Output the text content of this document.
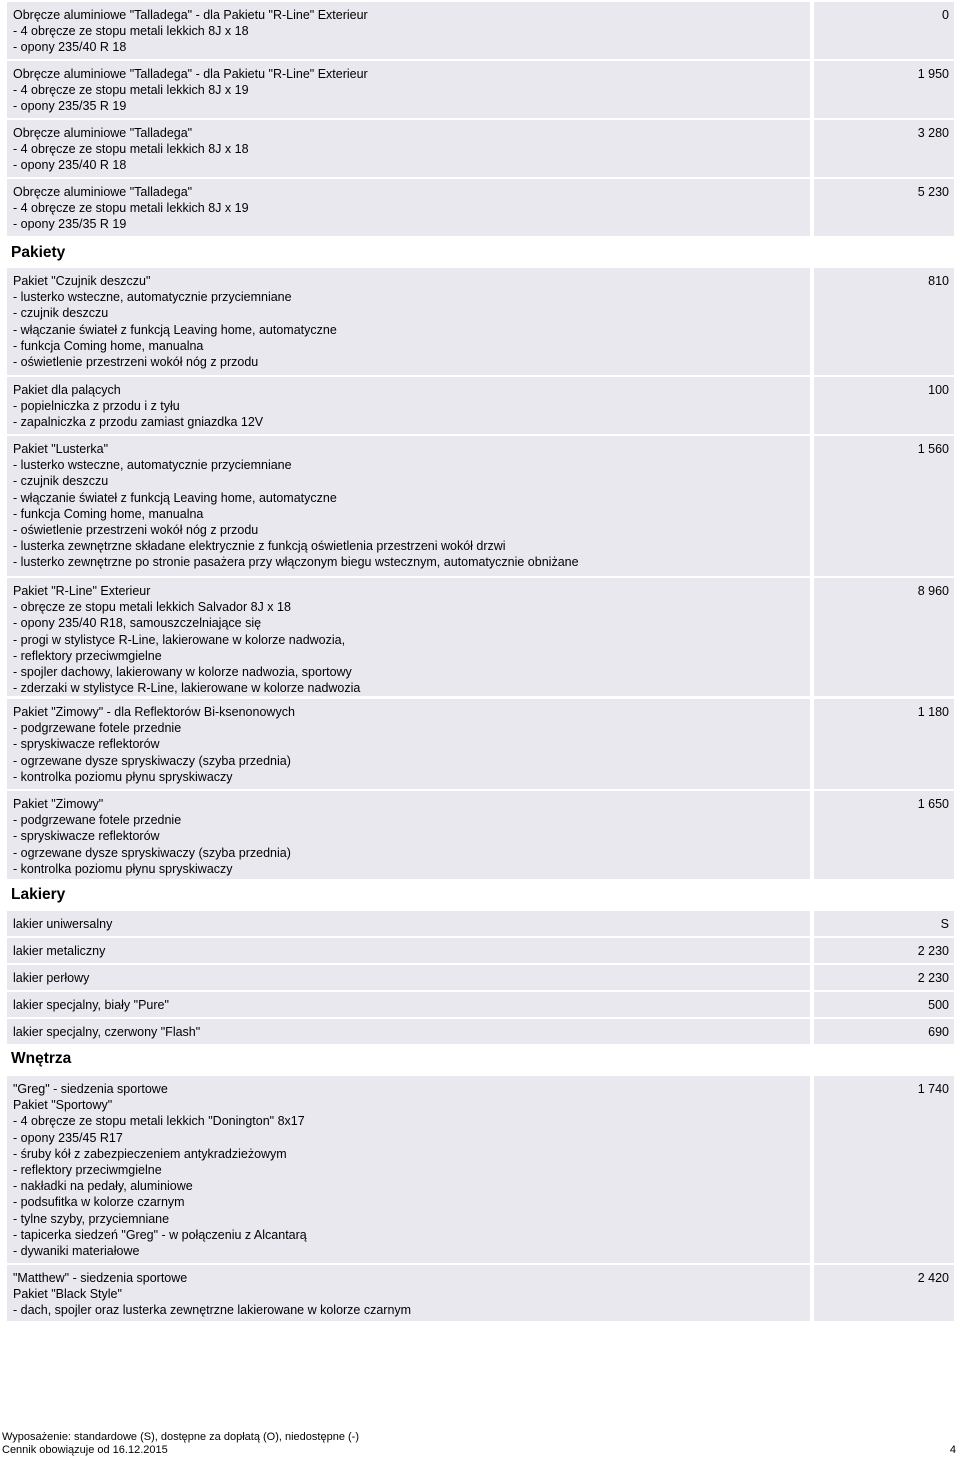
Obręcze aluminiowe "Talladega" - dla Pakietu "R-Line" Exterieur
- 4 obręcze ze stopu metali lekkich 8J x 18
- opony 235/40 R 18
0
Obręcze aluminiowe "Talladega" - dla Pakietu "R-Line" Exterieur
- 4 obręcze ze stopu metali lekkich 8J x 19
- opony 235/35 R 19
1 950
Obręcze aluminiowe "Talladega"
- 4 obręcze ze stopu metali lekkich 8J x 18
- opony 235/40 R 18
3 280
Obręcze aluminiowe "Talladega"
- 4 obręcze ze stopu metali lekkich 8J x 19
- opony 235/35 R 19
5 230
Pakiety
Pakiet "Czujnik deszczu"
- lusterko wsteczne, automatycznie przyciemniane
- czujnik deszczu
- włączanie świateł z funkcją Leaving home, automatyczne
- funkcja Coming home, manualna
- oświetlenie przestrzeni wokół nóg z przodu
810
Pakiet dla palących
- popielniczka z przodu i z tyłu
- zapalniczka z przodu zamiast gniazdka 12V
100
Pakiet "Lusterka"
- lusterko wsteczne, automatycznie przyciemniane
- czujnik deszczu
- włączanie świateł z funkcją Leaving home, automatyczne
- funkcja Coming home, manualna
- oświetlenie przestrzeni wokół nóg z przodu
- lusterka zewnętrzne składane elektrycznie z funkcją oświetlenia przestrzeni wokół drzwi
- lusterko zewnętrzne po stronie pasażera przy włączonym biegu wstecznym, automatycznie obniżane
1 560
Pakiet "R-Line" Exterieur
- obręcze ze stopu metali lekkich Salvador 8J x 18
- opony 235/40 R18, samouszczelniające się
- progi w stylistyce R-Line, lakierowane w kolorze nadwozia,
- reflektory przeciwmgielne
- spojler dachowy, lakierowany w kolorze nadwozia, sportowy
- zderzaki w stylistyce R-Line, lakierowane w kolorze nadwozia
8 960
Pakiet "Zimowy" - dla Reflektorów Bi-ksenonowych
- podgrzewane fotele przednie
- spryskiwacze reflektorów
- ogrzewane dysze spryskiwaczy (szyba przednia)
- kontrolka poziomu płynu spryskiwaczy
1 180
Pakiet "Zimowy"
- podgrzewane fotele przednie
- spryskiwacze reflektorów
- ogrzewane dysze spryskiwaczy (szyba przednia)
- kontrolka poziomu płynu spryskiwaczy
1 650
Lakiery
lakier uniwersalny	S
lakier metaliczny	2 230
lakier perłowy	2 230
lakier specjalny, biały "Pure"	500
lakier specjalny, czerwony "Flash"	690
Wnętrza
"Greg" - siedzenia sportowe
Pakiet "Sportowy"
- 4 obręcze ze stopu metali lekkich "Donington" 8x17
- opony 235/45 R17
- śruby kół z zabezpieczeniem antykradzieżowym
- reflektory przeciwmgielne
- nakładki na pedały, aluminiowe
- podsufitka w kolorze czarnym
- tylne szyby, przyciemniane
- tapicerka siedzeń "Greg" - w połączeniu z Alcantarą
- dywaniki materiałowe
1 740
"Matthew" - siedzenia sportowe
Pakiet "Black Style"
- dach, spojler oraz lusterka zewnętrzne lakierowane w kolorze czarnym
2 420
Wyposażenie: standardowe (S), dostępne za dopłatą (O), niedostępne (-)
Cennik obowiązuje od 16.12.2015	4
